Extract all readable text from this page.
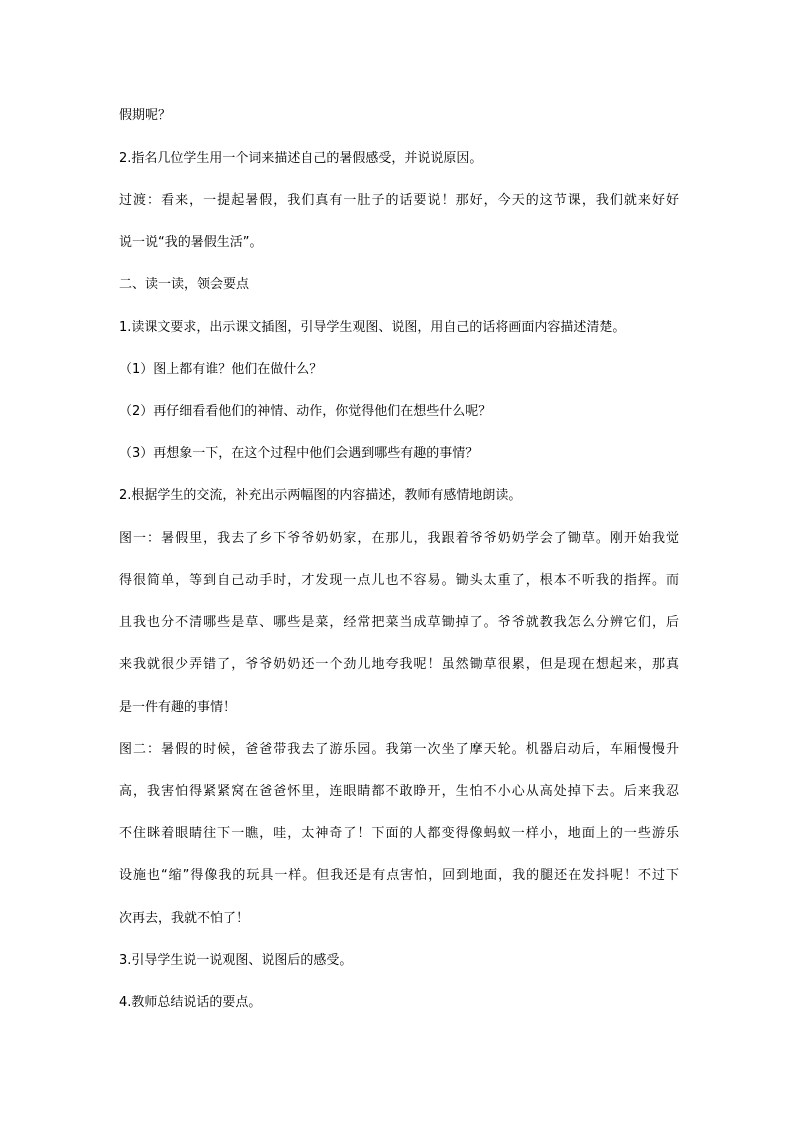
假期呢？
2.指名几位学生用一个词来描述自己的暑假感受，并说说原因。
过渡：看来，一提起暑假，我们真有一肚子的话要说！那好，今天的这节课，我们就来好好
说一说“我的暑假生活”。
二、读一读，领会要点
1.读课文要求，出示课文插图，引导学生观图、说图，用自己的话将画面内容描述清楚。
（1）图上都有谁？他们在做什么？
（2）再仔细看看他们的神情、动作，你觉得他们在想些什么呢？
（3）再想象一下，在这个过程中他们会遇到哪些有趣的事情？
2.根据学生的交流，补充出示两幅图的内容描述，教师有感情地朗读。
图一：暑假里，我去了乡下爷爷奶奶家，在那儿，我跟着爷爷奶奶学会了锄草。刚开始我觉
得很简单，等到自己动手时，才发现一点儿也不容易。锄头太重了，根本不听我的指挥。而
且我也分不清哪些是草、哪些是菜，经常把菜当成草锄掉了。爷爷就教我怎么分辨它们，后
来我就很少弄错了，爷爷奶奶还一个劲儿地夸我呢！虽然锄草很累，但是现在想起来，那真
是一件有趣的事情！
图二：暑假的时候，爸爸带我去了游乐园。我第一次坐了摩天轮。机器启动后，车厢慢慢升
高，我害怕得紧紧窝在爸爸怀里，连眼睛都不敢睁开，生怕不小心从高处掉下去。后来我忍
不住眯着眼睛往下一瞧，哇，太神奇了！下面的人都变得像蚂蚁一样小，地面上的一些游乐
设施也“缩”得像我的玩具一样。但我还是有点害怕，回到地面，我的腿还在发抖呢！不过下
次再去，我就不怕了！
3.引导学生说一说观图、说图后的感受。
4.教师总结说话的要点。
